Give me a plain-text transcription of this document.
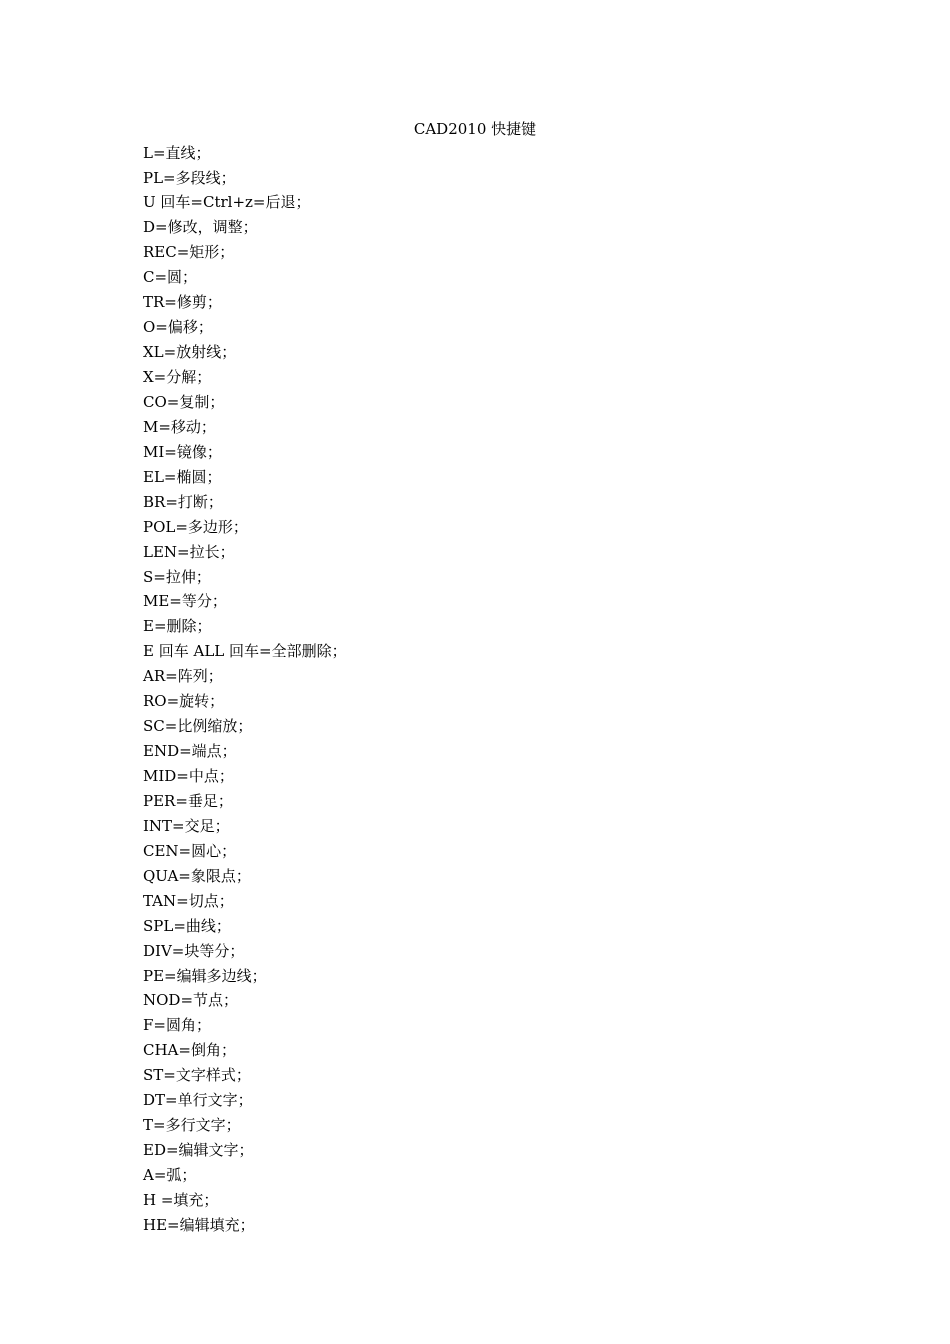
CAD2010 快捷键
L=直线；
PL=多段线；
U 回车=Ctrl+z=后退；
D=修改，调整；
REC=矩形；
C=圆；
TR=修剪；
O=偏移；
XL=放射线；
X=分解；
CO=复制；
M=移动；
MI=镜像；
EL=椭圆；
BR=打断；
POL=多边形；
LEN=拉长；
S=拉伸；
ME=等分；
E=删除；
E 回车 ALL 回车=全部删除；
AR=阵列；
RO=旋转；
SC=比例缩放；
END=端点；
MID=中点；
PER=垂足；
INT=交足；
CEN=圆心；
QUA=象限点；
TAN=切点；
SPL=曲线；
DIV=块等分；
PE=编辑多边线；
NOD=节点；
F=圆角；
CHA=倒角；
ST=文字样式；
DT=单行文字；
T=多行文字；
ED=编辑文字；
A=弧；
H =填充；
HE=编辑填充；
